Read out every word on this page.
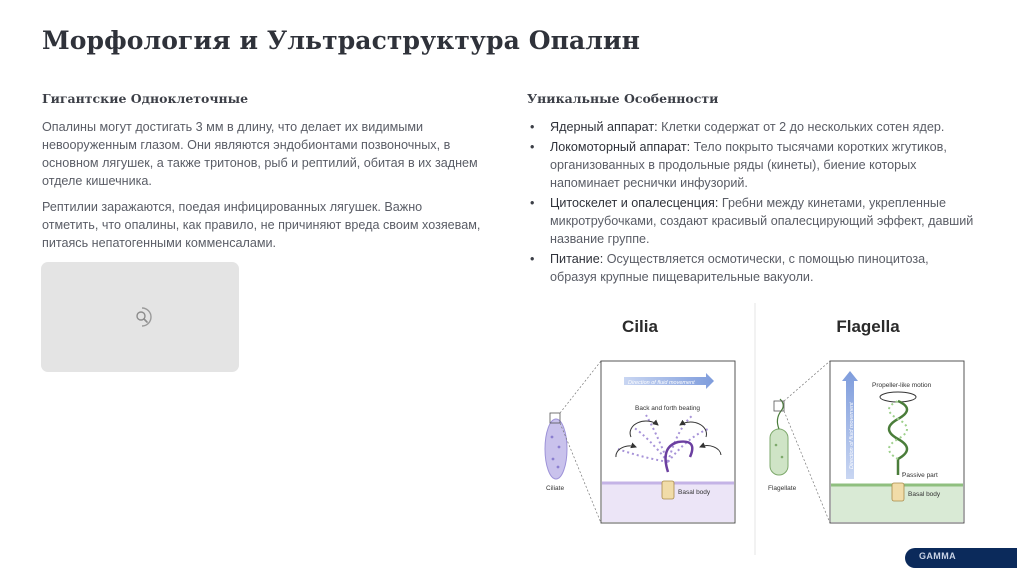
Морфология и Ультраструктура Опалин
Гигантские Одноклеточные

Опалины могут достигать 3 мм в длину, что делает их видимыми невооруженным глазом. Они являются эндобионтами позвоночных, в основном лягушек, а также тритонов, рыб и рептилий, обитая в их заднем отделе кишечника.

Рептилии заражаются, поедая инфицированных лягушек. Важно отметить, что опалины, как правило, не причиняют вреда своим хозяевам, питаясь непатогенными комменсалами.

Уникальные Особенности
• Ядерный аппарат: Клетки содержат от 2 до нескольких сотен ядер.
• Локомоторный аппарат: Тело покрыто тысячами коротких жгутиков, организованных в продольные ряды (кинеты), биение которых напоминает реснички инфузорий.
• Цитоскелет и опалесценция: Гребни между кинетами, укрепленные микротрубочками, создают красивый опалесцирующий эффект, давший название группе.
• Питание: Осуществляется осмотически, с помощью пиноцитоза, образуя крупные пищеварительные вакуоли.
Cilia	Flagella
Ciliate
Direction of fluid movement
Back and forth beating
Basal body
Flagellate
Direction of fluid movement
Propeller-like motion
Passive part
Basal body
GAMMA
